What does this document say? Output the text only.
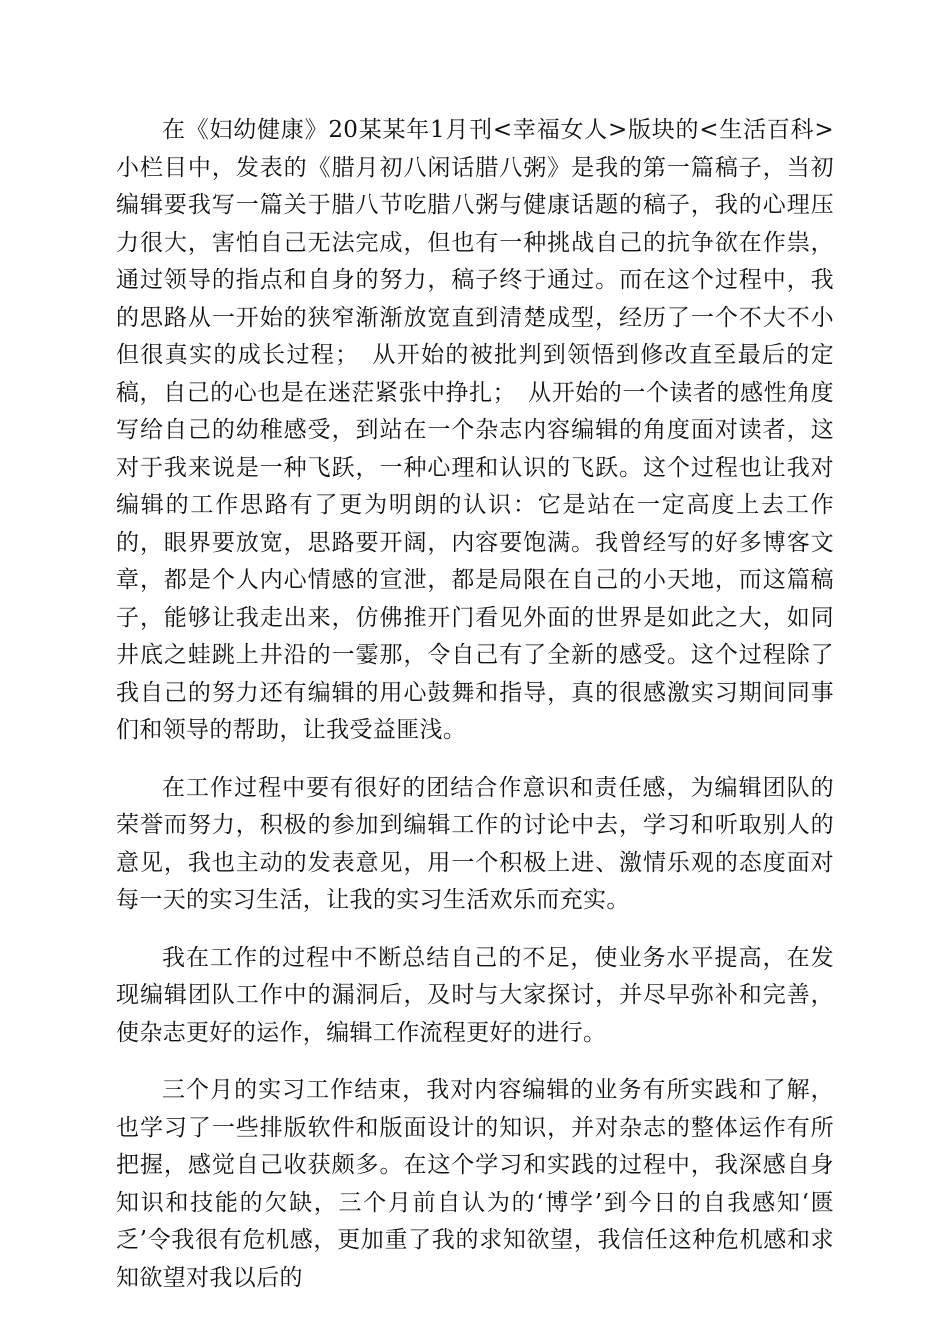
在《妇幼健康》20某某年1月刊<幸福女人>版块的<生活百科>小栏目中，发表的《腊月初八闲话腊八粥》是我的第一篇稿子，当初编辑要我写一篇关于腊八节吃腊八粥与健康话题的稿子，我的心理压力很大，害怕自己无法完成，但也有一种挑战自己的抗争欲在作祟，通过领导的指点和自身的努力，稿子终于通过。而在这个过程中，我的思路从一开始的狭窄渐渐放宽直到清楚成型，经历了一个不大不小但很真实的成长过程；　从开始的被批判到领悟到修改直至最后的定稿，自己的心也是在迷茫紧张中挣扎；　从开始的一个读者的感性角度写给自己的幼稚感受，到站在一个杂志内容编辑的角度面对读者，这对于我来说是一种飞跃，一种心理和认识的飞跃。这个过程也让我对编辑的工作思路有了更为明朗的认识：它是站在一定高度上去工作的，眼界要放宽，思路要开阔，内容要饱满。我曾经写的好多博客文章，都是个人内心情感的宣泄，都是局限在自己的小天地，而这篇稿子，能够让我走出来，仿佛推开门看见外面的世界是如此之大，如同井底之蛙跳上井沿的一霎那，令自己有了全新的感受。这个过程除了我自己的努力还有编辑的用心鼓舞和指导，真的很感激实习期间同事们和领导的帮助，让我受益匪浅。

在工作过程中要有很好的团结合作意识和责任感，为编辑团队的荣誉而努力，积极的参加到编辑工作的讨论中去，学习和听取别人的意见，我也主动的发表意见，用一个积极上进、激情乐观的态度面对每一天的实习生活，让我的实习生活欢乐而充实。

我在工作的过程中不断总结自己的不足，使业务水平提高，在发现编辑团队工作中的漏洞后，及时与大家探讨，并尽早弥补和完善，使杂志更好的运作，编辑工作流程更好的进行。

三个月的实习工作结束，我对内容编辑的业务有所实践和了解，也学习了一些排版软件和版面设计的知识，并对杂志的整体运作有所把握，感觉自己收获颇多。在这个学习和实践的过程中，我深感自身知识和技能的欠缺，三个月前自认为的‘博学’到今日的自我感知‘匮乏’令我很有危机感，更加重了我的求知欲望，我信任这种危机感和求知欲望对我以后的
